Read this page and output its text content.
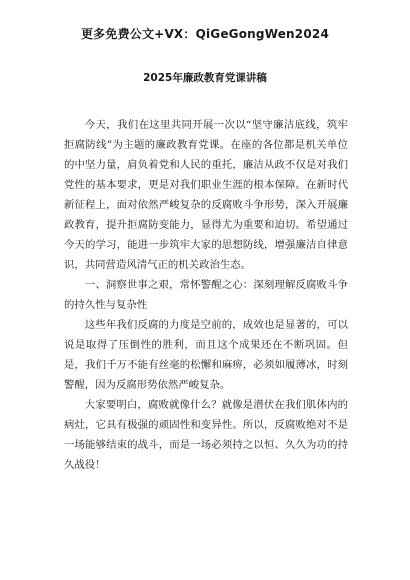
更多免费公文+VX：QiGeGongWen2024
2025年廉政教育党课讲稿

今天，我们在这里共同开展一次以“坚守廉洁底线，筑牢拒腐防线”为主题的廉政教育党课。在座的各位都是机关单位的中坚力量，肩负着党和人民的重托，廉洁从政不仅是对我们党性的基本要求，更是对我们职业生涯的根本保障。在新时代新征程上，面对依然严峻复杂的反腐败斗争形势，深入开展廉政教育，提升拒腐防变能力，显得尤为重要和迫切。希望通过今天的学习，能进一步筑牢大家的思想防线，增强廉洁自律意识，共同营造风清气正的机关政治生态。

一、洞察世事之艰，常怀警醒之心：深刻理解反腐败斗争的持久性与复杂性

这些年我们反腐的力度是空前的，成效也是显著的，可以说是取得了压倒性的胜利，而且这个成果还在不断巩固。但是，我们千万不能有丝毫的松懈和麻痹，必须如履薄冰，时刻警醒，因为反腐形势依然严峻复杂。

大家要明白，腐败就像什么？就像是潜伏在我们肌体内的病灶，它具有极强的顽固性和变异性。所以，反腐败绝对不是一场能够结束的战斗，而是一场必须持之以恒、久久为功的持久战役！
